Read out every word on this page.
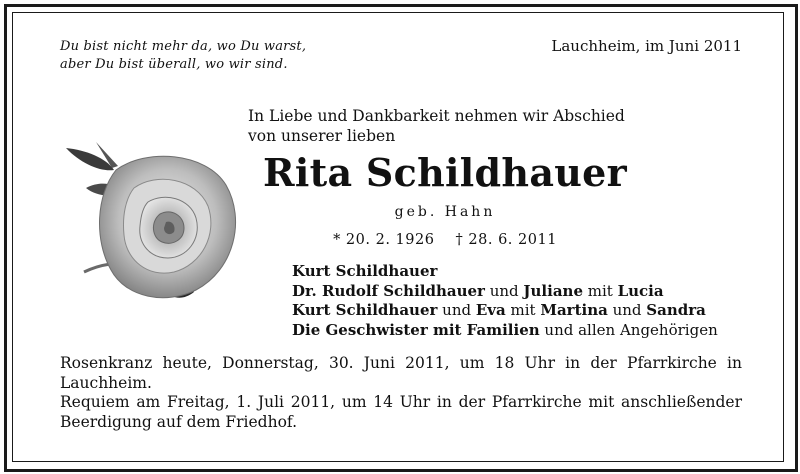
Du bist nicht mehr da, wo Du warst,
aber Du bist überall, wo wir sind.
Lauchheim, im Juni 2011
In Liebe und Dankbarkeit nehmen wir Abschied
von unserer lieben
Rita Schildhauer
geb. Hahn
* 20. 2. 1926 † 28. 6. 2011
Kurt Schildhauer
Dr. Rudolf Schildhauer und Juliane mit Lucia
Kurt Schildhauer und Eva mit Martina und Sandra
Die Geschwister mit Familien und allen Angehörigen

Rosenkranz heute, Donnerstag, 30. Juni 2011, um 18 Uhr in der Pfarrkirche in Lauchheim.

Requiem am Freitag, 1. Juli 2011, um 14 Uhr in der Pfarrkirche mit anschließender Beerdigung auf dem Friedhof.
